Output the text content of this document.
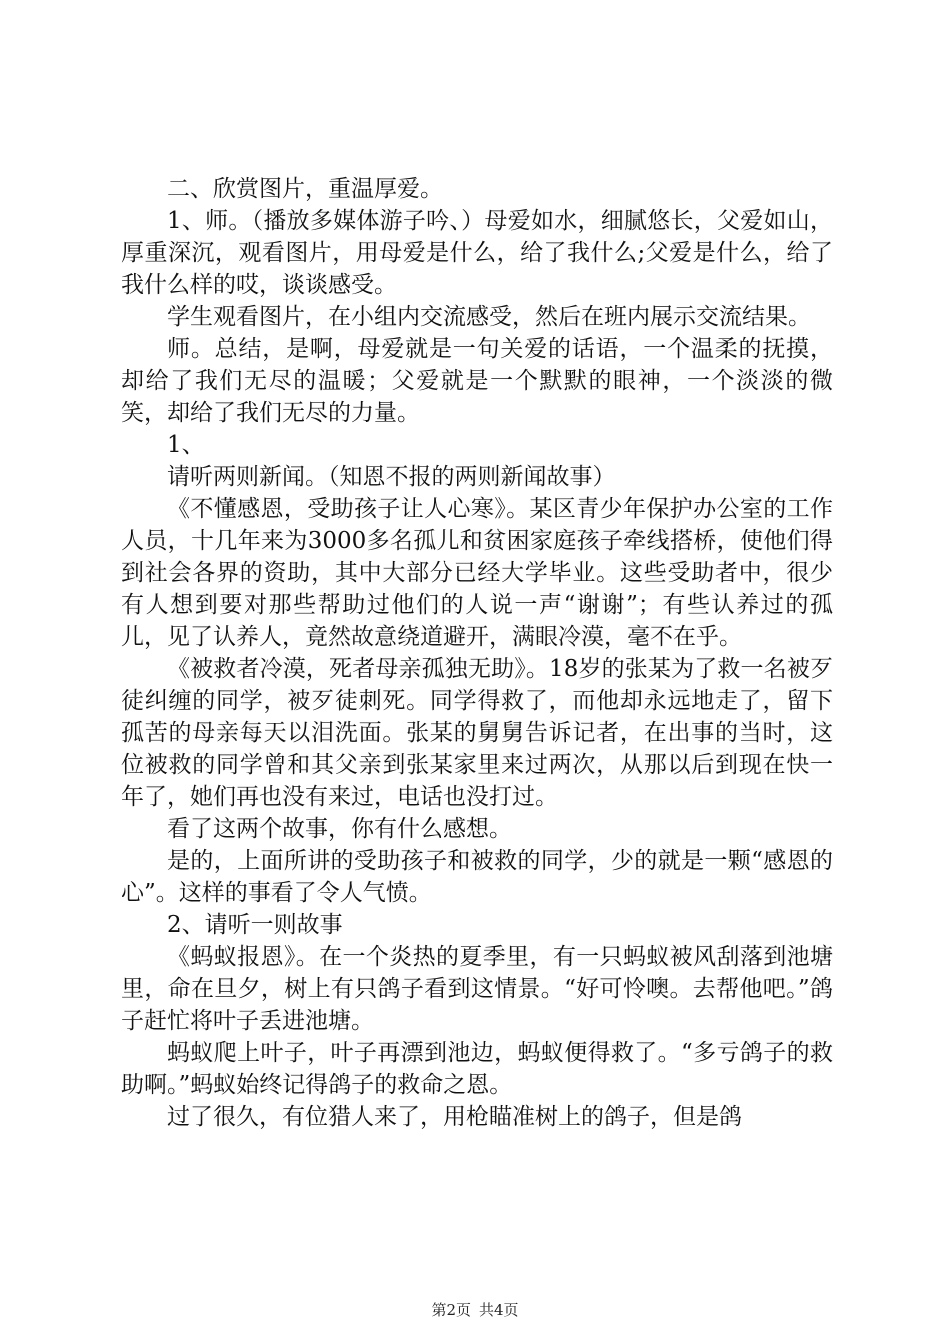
二、欣赏图片，重温厚爱。

1、师。（播放多媒体游子吟、）母爱如水，细腻悠长，父爱如山，厚重深沉，观看图片，用母爱是什么，给了我什么;父爱是什么，给了我什么样的哎，谈谈感受。

学生观看图片，在小组内交流感受，然后在班内展示交流结果。

师。总结，是啊，母爱就是一句关爱的话语，一个温柔的抚摸，却给了我们无尽的温暖；父爱就是一个默默的眼神，一个淡淡的微笑，却给了我们无尽的力量。

1、

请听两则新闻。（知恩不报的两则新闻故事）

《不懂感恩，受助孩子让人心寒》。某区青少年保护办公室的工作人员，十几年来为3000多名孤儿和贫困家庭孩子牵线搭桥，使他们得到社会各界的资助，其中大部分已经大学毕业。这些受助者中，很少有人想到要对那些帮助过他们的人说一声“谢谢”；有些认养过的孤儿，见了认养人，竟然故意绕道避开，满眼冷漠，毫不在乎。

《被救者冷漠，死者母亲孤独无助》。18岁的张某为了救一名被歹徒纠缠的同学，被歹徒刺死。同学得救了，而他却永远地走了，留下孤苦的母亲每天以泪洗面。张某的舅舅告诉记者，在出事的当时，这位被救的同学曾和其父亲到张某家里来过两次，从那以后到现在快一年了，她们再也没有来过，电话也没打过。

看了这两个故事，你有什么感想。

是的，上面所讲的受助孩子和被救的同学，少的就是一颗“感恩的心”。这样的事看了令人气愤。

2、请听一则故事

《蚂蚁报恩》。在一个炎热的夏季里，有一只蚂蚁被风刮落到池塘里，命在旦夕，树上有只鸽子看到这情景。“好可怜噢。去帮他吧。”鸽子赶忙将叶子丢进池塘。

蚂蚁爬上叶子，叶子再漂到池边，蚂蚁便得救了。“多亏鸽子的救助啊。”蚂蚁始终记得鸽子的救命之恩。

过了很久，有位猎人来了，用枪瞄准树上的鸽子，但是鸽

第2页 共4页
